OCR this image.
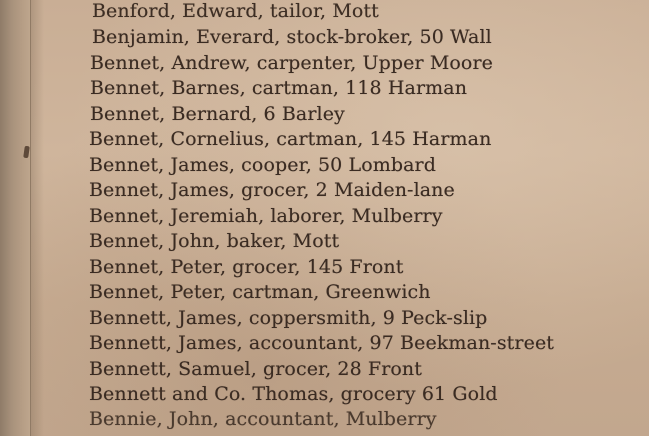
Benford, Edward, tailor, Mott
Benjamin, Everard, stock-broker, 50 Wall
Bennet, Andrew, carpenter, Upper Moore
Bennet, Barnes, cartman, 118 Harman
Bennet, Bernard, 6 Barley
Bennet, Cornelius, cartman, 145 Harman
Bennet, James, cooper, 50 Lombard
Bennet, James, grocer, 2 Maiden-lane
Bennet, Jeremiah, laborer, Mulberry
Bennet, John, baker, Mott
Bennet, Peter, grocer, 145 Front
Bennet, Peter, cartman, Greenwich
Bennett, James, coppersmith, 9 Peck-slip
Bennett, James, accountant, 97 Beekman-street
Bennett, Samuel, grocer, 28 Front
Bennett and Co. Thomas, grocery 61 Gold
Bennie, John, accountant, Mulberry
